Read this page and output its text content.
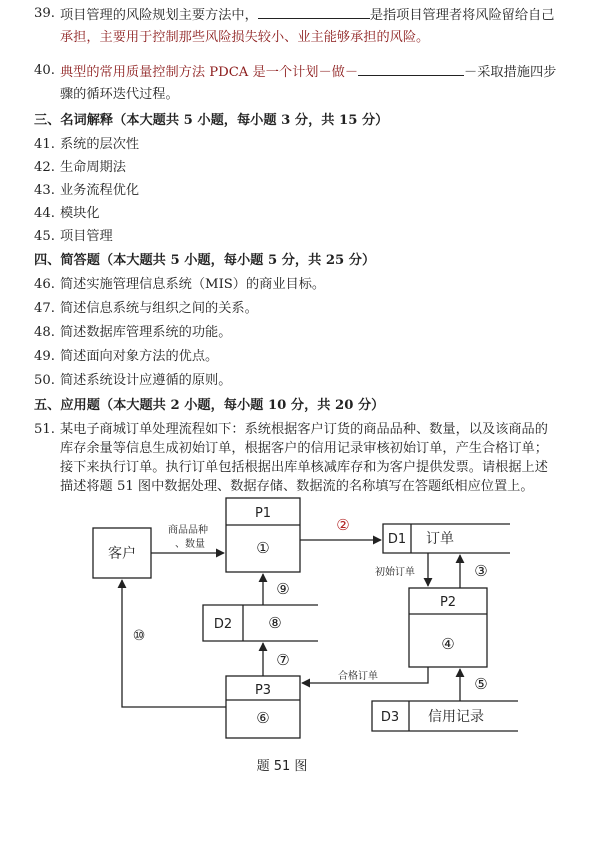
39. 项目管理的风险规划主要方法中，	是指项目管理者将风险留给自己
承担，主要用于控制那些风险损失较小、业主能够承担的风险。
40. 典型的常用质量控制方法 PDCA 是一个计划－做－	－采取措施四步
骤的循环迭代过程。
三、名词解释（本大题共 5 小题，每小题 3 分，共 15 分）
41. 系统的层次性
42. 生命周期法
43. 业务流程优化
44. 模块化
45. 项目管理
四、简答题（本大题共 5 小题，每小题 5 分，共 25 分）
46. 简述实施管理信息系统（MIS）的商业目标。
47. 简述信息系统与组织之间的关系。
48. 简述数据库管理系统的功能。
49. 简述面向对象方法的优点。
50. 简述系统设计应遵循的原则。
五、应用题（本大题共 2 小题，每小题 10 分，共 20 分）
51. 某电子商城订单处理流程如下：系统根据客户订货的商品品种、数量，以及该商品的
库存余量等信息生成初始订单，根据客户的信用记录审核初始订单，产生合格订单；
接下来执行订单。执行订单包括根据出库单核减库存和为客户提供发票。请根据上述
描述将题 51 图中数据处理、数据存储、数据流的名称填写在答题纸相应位置上。
客户
商品品种
、数量
P1
①
②
D1 订单
初始订单	③
P2
④
D2 ⑧
⑨
⑦
⑩
合格订单	⑤
P3
⑥	D3 信用记录
题 51 图
